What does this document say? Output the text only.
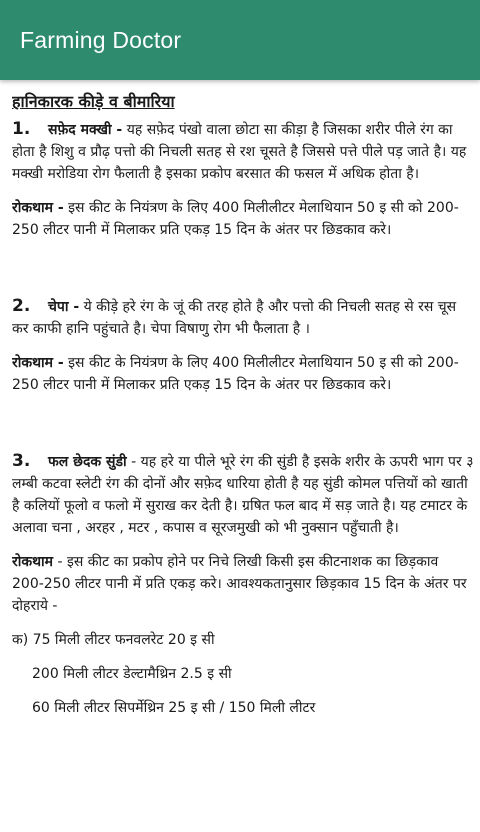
Farming Doctor
हानिकारक कीड़े व बीमारिया

1. सफ़ेद मक्खी - यह सफ़ेद पंखो वाला छोटा सा कीड़ा है जिसका शरीर पीले रंग का होता है शिशु व प्रौढ़ पत्तो की निचली सतह से रश चूसते है जिससे पत्ते पीले पड़ जाते है। यह मक्खी मरोडिया रोग फैलाती है इसका प्रकोप बरसात की फसल में अधिक होता है।

रोकथाम - इस कीट के नियंत्रण के लिए 400 मिलीलीटर मेलाथियान 50 इ सी को 200-250 लीटर पानी में मिलाकर प्रति एकड़ 15 दिन के अंतर पर छिडकाव करे।

2. चेपा - ये कीड़े हरे रंग के जूं की तरह होते है और पत्तो की निचली सतह से रस चूस कर काफी हानि पहुंचाते है। चेपा विषाणु रोग भी फैलाता है ।

रोकथाम - इस कीट के नियंत्रण के लिए 400 मिलीलीटर मेलाथियान 50 इ सी को 200-250 लीटर पानी में मिलाकर प्रति एकड़ 15 दिन के अंतर पर छिडकाव करे।

3. फल छेदक सुंडी - यह हरे या पीले भूरे रंग की सुंडी है इसके शरीर के ऊपरी भाग पर ३ लम्बी कटवा स्लेटी रंग की दोनों और सफ़ेद धारिया होती है यह सुंडी कोमल पत्तियों को खाती है कलियों फूलो व फलो में सुराख कर देती है। ग्रषित फल बाद में सड़ जाते है। यह टमाटर के अलावा चना , अरहर , मटर , कपास व सूरजमुखी को भी नुक्सान पहुँचाती है।

रोकथाम - इस कीट का प्रकोप होने पर निचे लिखी किसी इस कीटनाशक का छिड़काव 200-250 लीटर पानी में प्रति एकड़ करे। आवश्यकतानुसार छिड़काव 15 दिन के अंतर पर दोहराये -

क) 75 मिली लीटर फनवलरेट 20 इ सी

200 मिली लीटर डेल्टामैथ्रिन 2.5 इ सी

60 मिली लीटर सिपर्मेथ्रिन 25 इ सी / 150 मिली लीटर
